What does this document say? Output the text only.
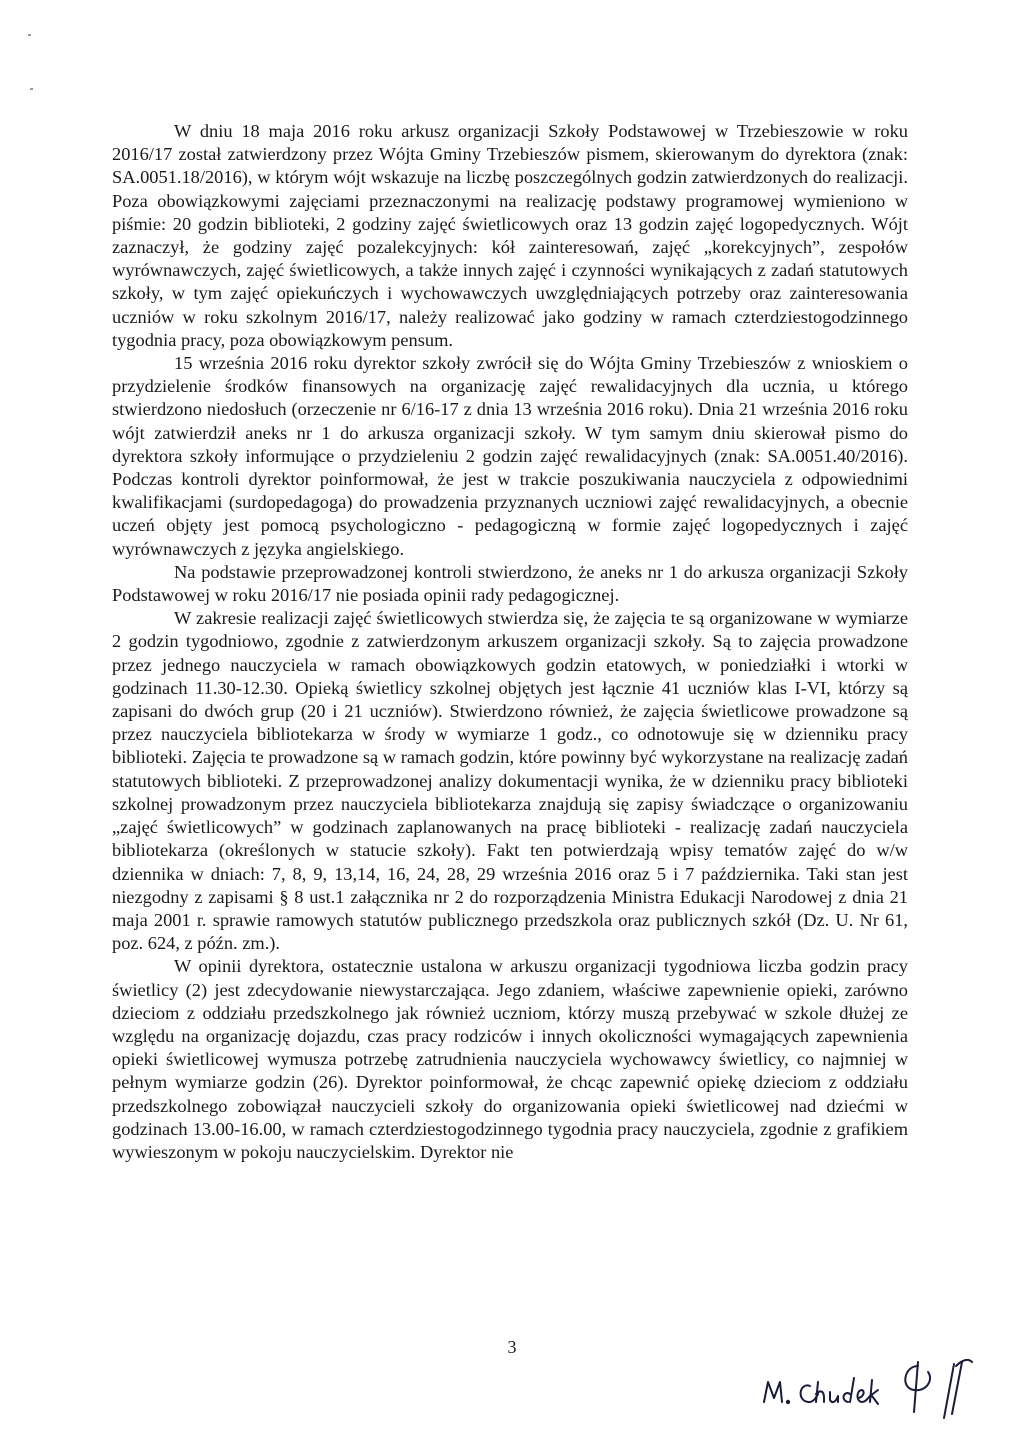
W dniu 18 maja 2016 roku arkusz organizacji Szkoły Podstawowej w Trzebieszowie w roku 2016/17 został zatwierdzony przez Wójta Gminy Trzebieszów pismem, skierowanym do dyrektora (znak: SA.0051.18/2016), w którym wójt wskazuje na liczbę poszczególnych godzin zatwierdzonych do realizacji. Poza obowiązkowymi zajęciami przeznaczonymi na realizację podstawy programowej wymieniono w piśmie: 20 godzin biblioteki, 2 godziny zajęć świetlicowych oraz 13 godzin zajęć logopedycznych. Wójt zaznaczył, że godziny zajęć pozalekcyjnych: kół zainteresowań, zajęć „korekcyjnych”, zespołów wyrównawczych, zajęć świetlicowych, a także innych zajęć i czynności wynikających z zadań statutowych szkoły, w tym zajęć opiekuńczych i wychowawczych uwzględniających potrzeby oraz zainteresowania uczniów w roku szkolnym 2016/17, należy realizować jako godziny w ramach czterdziestogodzinnego tygodnia pracy, poza obowiązkowym pensum.

15 września 2016 roku dyrektor szkoły zwrócił się do Wójta Gminy Trzebieszów z wnioskiem o przydzielenie środków finansowych na organizację zajęć rewalidacyjnych dla ucznia, u którego stwierdzono niedosłuch (orzeczenie nr 6/16-17 z dnia 13 września 2016 roku). Dnia 21 września 2016 roku wójt zatwierdził aneks nr 1 do arkusza organizacji szkoły. W tym samym dniu skierował pismo do dyrektora szkoły informujące o przydzieleniu 2 godzin zajęć rewalidacyjnych (znak: SA.0051.40/2016). Podczas kontroli dyrektor poinformował, że jest w trakcie poszukiwania nauczyciela z odpowiednimi kwalifikacjami (surdopedagoga) do prowadzenia przyznanych uczniowi zajęć rewalidacyjnych, a obecnie uczeń objęty jest pomocą psychologiczno - pedagogiczną w formie zajęć logopedycznych i zajęć wyrównawczych z języka angielskiego.

Na podstawie przeprowadzonej kontroli stwierdzono, że aneks nr 1 do arkusza organizacji Szkoły Podstawowej w roku 2016/17 nie posiada opinii rady pedagogicznej.

W zakresie realizacji zajęć świetlicowych stwierdza się, że zajęcia te są organizowane w wymiarze 2 godzin tygodniowo, zgodnie z zatwierdzonym arkuszem organizacji szkoły. Są to zajęcia prowadzone przez jednego nauczyciela w ramach obowiązkowych godzin etatowych, w poniedziałki i wtorki w godzinach 11.30-12.30. Opieką świetlicy szkolnej objętych jest łącznie 41 uczniów klas I-VI, którzy są zapisani do dwóch grup (20 i 21 uczniów). Stwierdzono również, że zajęcia świetlicowe prowadzone są przez nauczyciela bibliotekarza w środy w wymiarze 1 godz., co odnotowuje się w dzienniku pracy biblioteki. Zajęcia te prowadzone są w ramach godzin, które powinny być wykorzystane na realizację zadań statutowych biblioteki. Z przeprowadzonej analizy dokumentacji wynika, że w dzienniku pracy biblioteki szkolnej prowadzonym przez nauczyciela bibliotekarza znajdują się zapisy świadczące o organizowaniu „zajęć świetlicowych” w godzinach zaplanowanych na pracę biblioteki - realizację zadań nauczyciela bibliotekarza (określonych w statucie szkoły). Fakt ten potwierdzają wpisy tematów zajęć do w/w dziennika w dniach: 7, 8, 9, 13,14, 16, 24, 28, 29 września 2016 oraz 5 i 7 października. Taki stan jest niezgodny z zapisami § 8 ust.1 załącznika nr 2 do rozporządzenia Ministra Edukacji Narodowej z dnia 21 maja 2001 r. sprawie ramowych statutów publicznego przedszkola oraz publicznych szkół (Dz. U. Nr 61, poz. 624, z późn. zm.).

W opinii dyrektora, ostatecznie ustalona w arkuszu organizacji tygodniowa liczba godzin pracy świetlicy (2) jest zdecydowanie niewystarczająca. Jego zdaniem, właściwe zapewnienie opieki, zarówno dzieciom z oddziału przedszkolnego jak również uczniom, którzy muszą przebywać w szkole dłużej ze względu na organizację dojazdu, czas pracy rodziców i innych okoliczności wymagających zapewnienia opieki świetlicowej wymusza potrzebę zatrudnienia nauczyciela wychowawcy świetlicy, co najmniej w pełnym wymiarze godzin (26). Dyrektor poinformował, że chcąc zapewnić opiekę dzieciom z oddziału przedszkolnego zobowiązał nauczycieli szkoły do organizowania opieki świetlicowej nad dziećmi w godzinach 13.00-16.00, w ramach czterdziestogodzinnego tygodnia pracy nauczyciela, zgodnie z grafikiem wywieszonym w pokoju nauczycielskim. Dyrektor nie

3
